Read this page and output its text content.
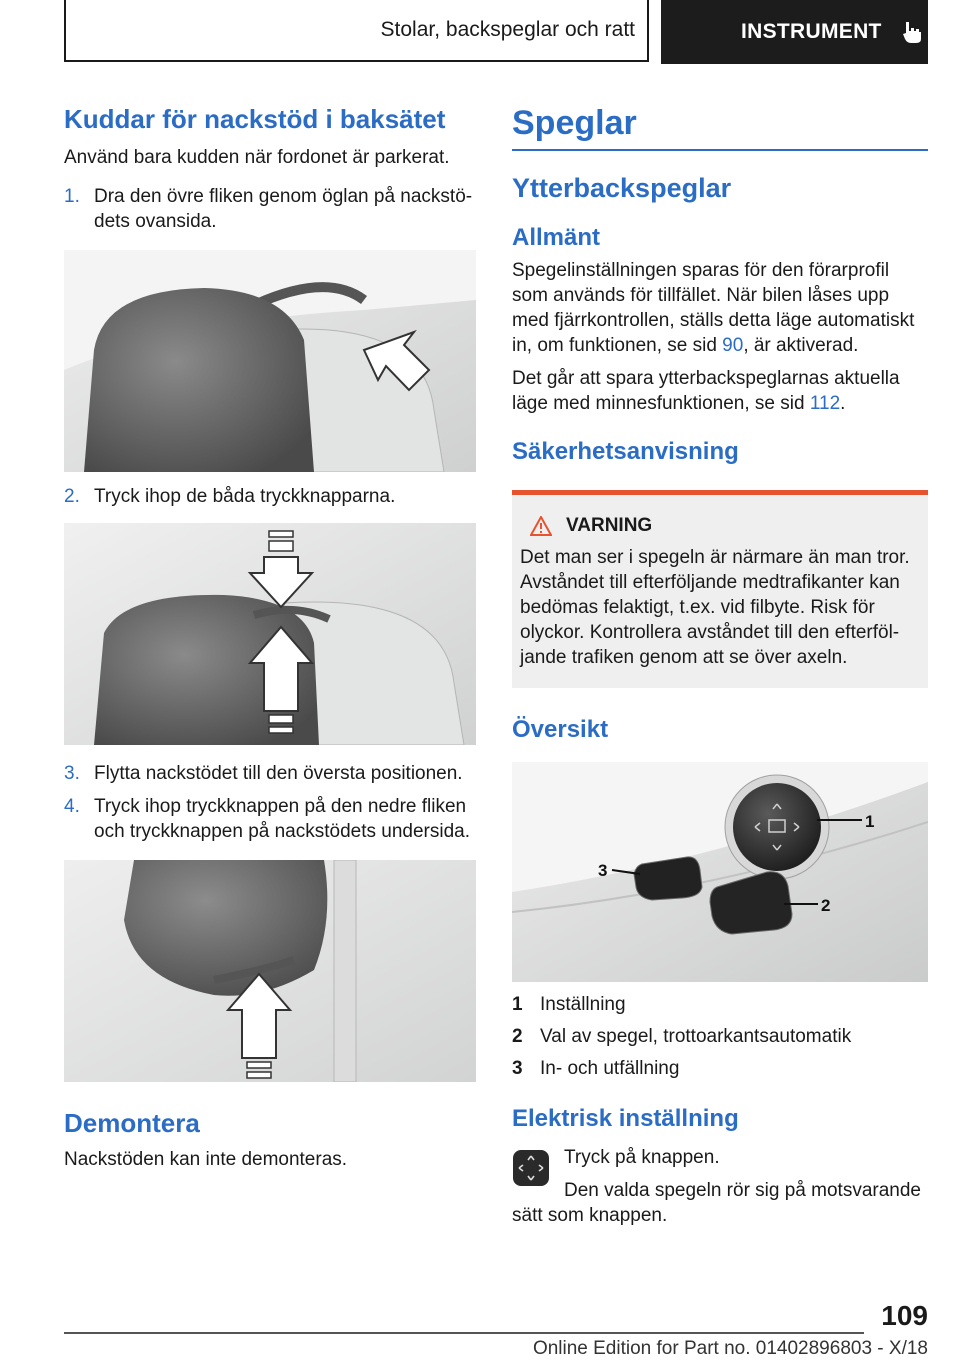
Stolar, backspeglar och ratt	INSTRUMENT
Kuddar för nackstöd i baksätet

Använd bara kudden när fordonet är parkerat.

1. Dra den övre fliken genom öglan på nackstö-dets ovansida.
2. Tryck ihop de båda tryckknapparna.
3. Flytta nackstödet till den översta positionen.
4. Tryck ihop tryckknappen på den nedre fliken och tryckknappen på nackstödets undersida.
Demontera

Nackstöden kan inte demonteras.

Speglar
Ytterbackspeglar
Allmänt

Spegelinställningen sparas för den förarprofil som används för tillfället. När bilen låses upp med fjärrkontrollen, ställs detta läge automatiskt in, om funktionen, se sid 90, är aktiverad.

Det går att spara ytterbackspeglarnas aktuella läge med minnesfunktionen, se sid 112.

Säkerhetsanvisning
VARNING

Det man ser i spegeln är närmare än man tror. Avståndet till efterföljande medtrafikanter kan bedömas felaktigt, t.ex. vid filbyte. Risk för olyckor. Kontrollera avståndet till den efterföl-jande trafiken genom att se över axeln.

Översikt
1
2
3
1 Inställning
2 Val av spegel, trottoarkantsautomatik
3 In- och utfällning
Elektrisk inställning

Tryck på knappen.

Den valda spegeln rör sig på motsvarande sätt som knappen.

109
Online Edition for Part no. 01402896803 - X/18
